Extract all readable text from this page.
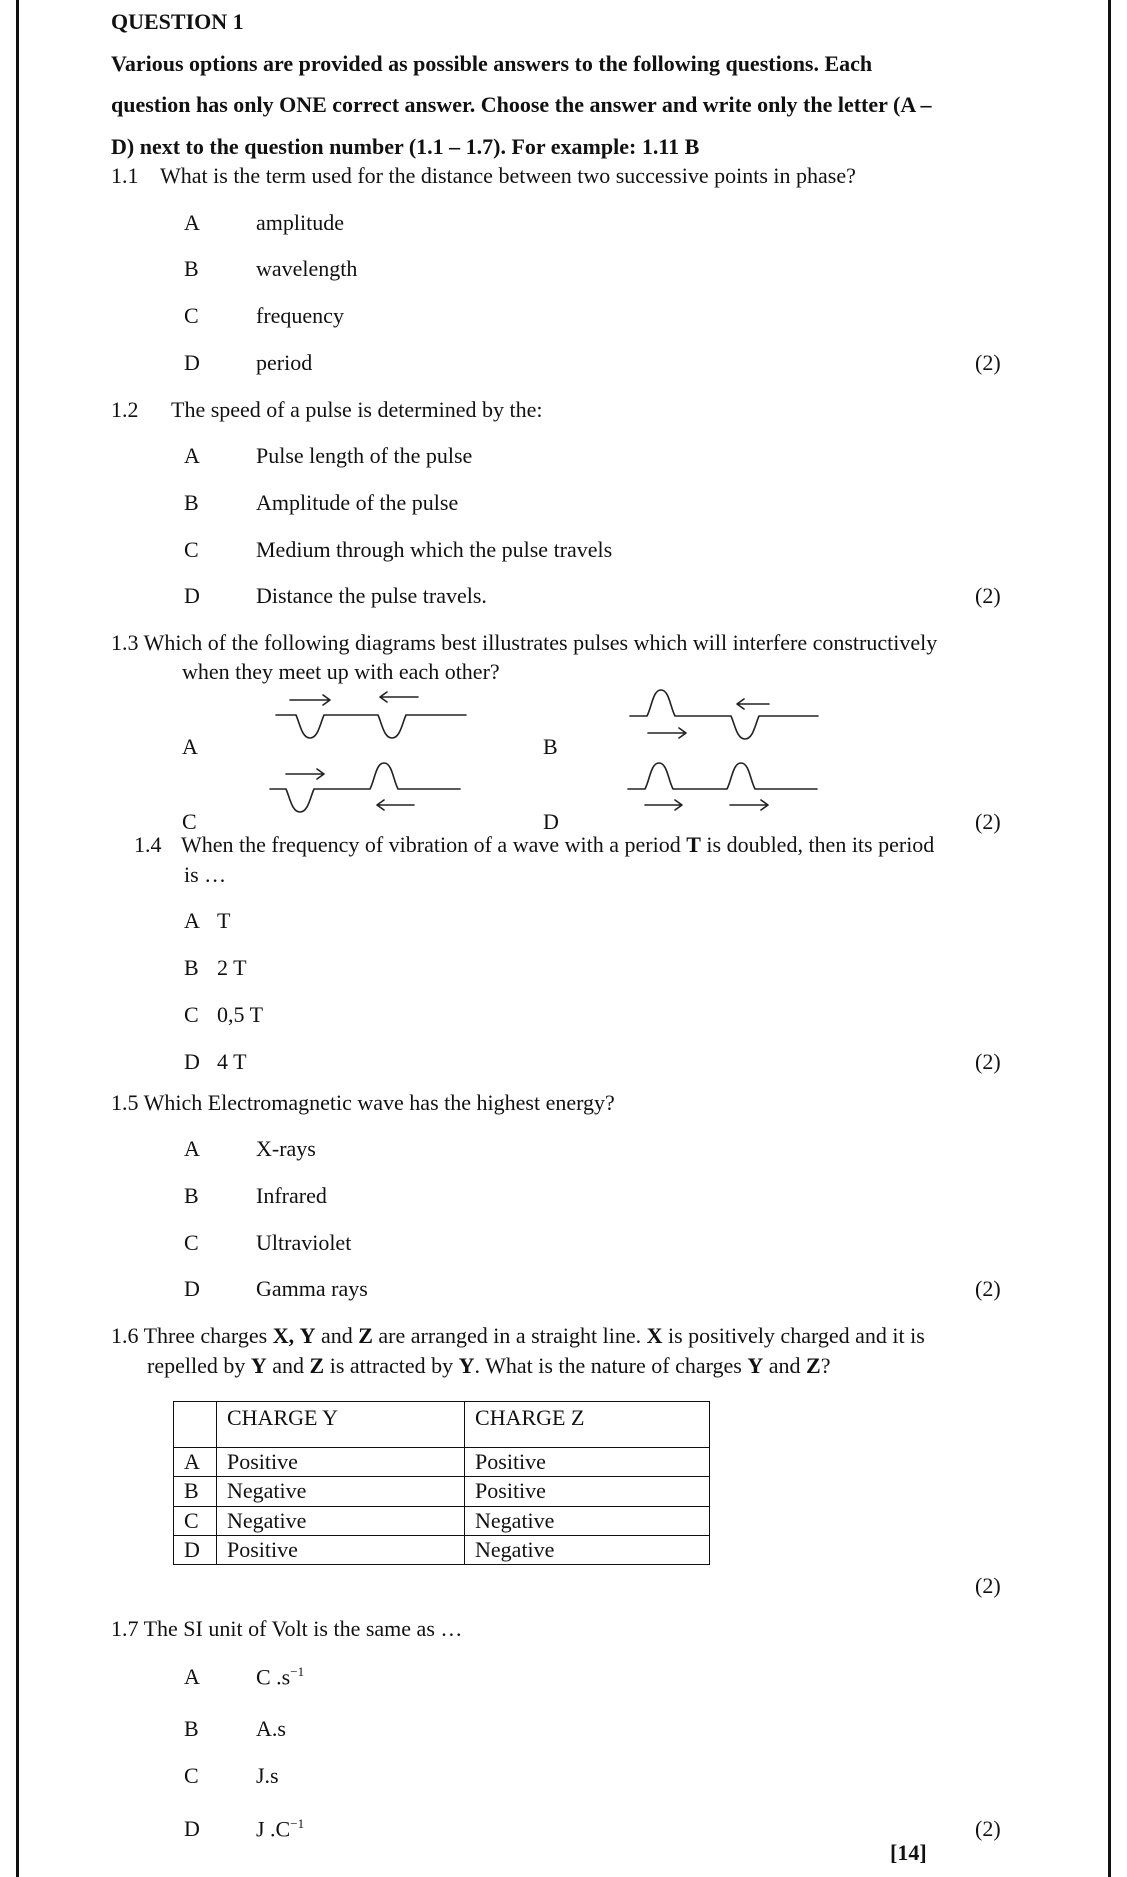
QUESTION 1
Various options are provided as possible answers to the following questions. Each
question has only ONE correct answer. Choose the answer and write only the letter (A –
D) next to the question number (1.1 – 1.7). For example: 1.11 B
1.1 What is the term used for the distance between two successive points in phase?
A	amplitude
B	wavelength
C	frequency
D	period	(2)
1.2 The speed of a pulse is determined by the:
A	Pulse length of the pulse
B	Amplitude of the pulse
C	Medium through which the pulse travels
D	Distance the pulse travels.	(2)
1.3 Which of the following diagrams best illustrates pulses which will interfere constructively
when they meet up with each other?
A	B
C	D	(2)
1.4 When the frequency of vibration of a wave with a period T is doubled, then its period
is …
A T
B 2 T
C 0,5 T
D 4 T	(2)
1.5 Which Electromagnetic wave has the highest energy?
A	X-rays
B	Infrared
C	Ultraviolet
D	Gamma rays	(2)
1.6 Three charges X, Y and Z are arranged in a straight line. X is positively charged and it is
repelled by Y and Z is attracted by Y. What is the nature of charges Y and Z?
	CHARGE Y	CHARGE Z
A	Positive	Positive
B	Negative	Positive
C	Negative	Negative
D	Positive	Negative
(2)
1.7 The SI unit of Volt is the same as …
A	C $.s^{-1}$
B	A.s
C	J.s
D	J $.C^{-1}$	(2)
[14]
